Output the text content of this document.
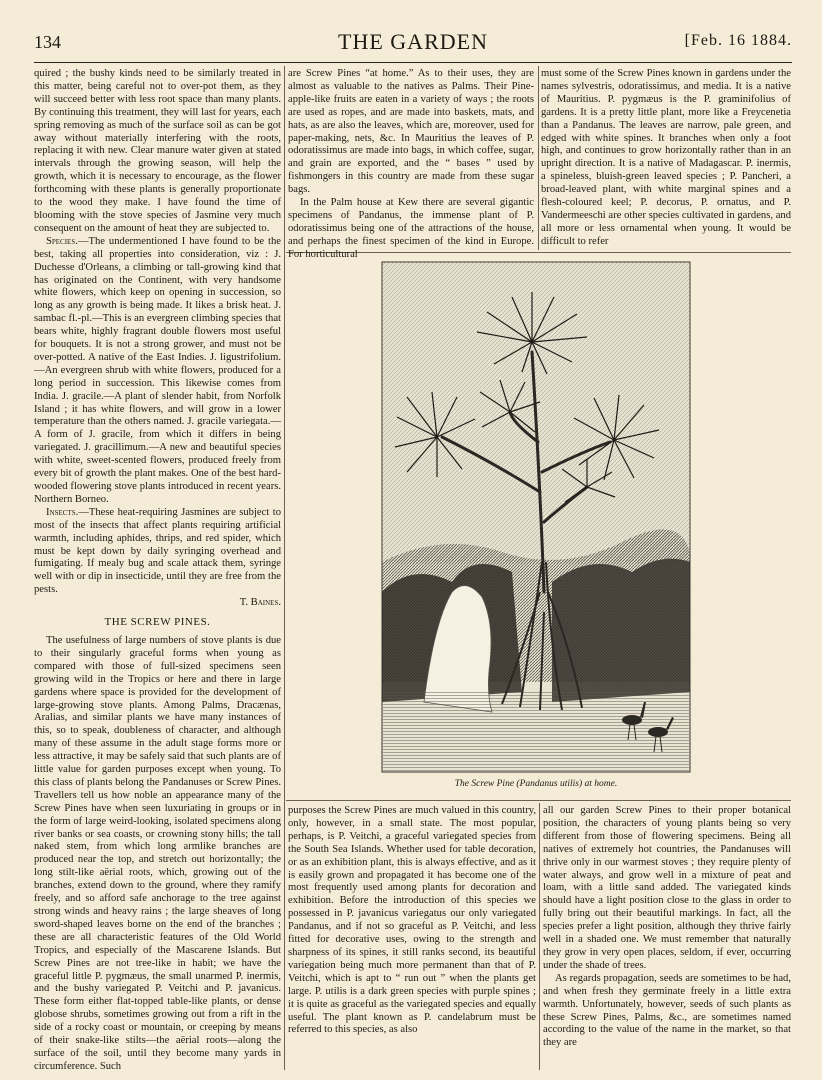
134	THE GARDEN	[Feb. 16 1884.

quired ; the bushy kinds need to be similarly treated in this matter, being careful not to over-pot them, as they will succeed better with less root space than many plants. By continuing this treatment, they will last for years, each spring removing as much of the surface soil as can be got away without materially interfering with the roots, replacing it with new. Clear manure water given at stated intervals through the growing season, will help the growth, which it is necessary to encourage, as the flower forthcoming with these plants is generally proportionate to the wood they make. I have found the time of blooming with the stove species of Jasmine very much consequent on the amount of heat they are subjected to.

Species.—The undermentioned I have found to be the best, taking all properties into consideration, viz : J. Duchesse d'Orleans, a climbing or tall-growing kind that has originated on the Continent, with very handsome white flowers, which keep on opening in succession, so long as any growth is being made. It likes a brisk heat. J. sambac fl.-pl.—This is an evergreen climbing species that bears white, highly fragrant double flowers most useful for bouquets. It is not a strong grower, and must not be over-potted. A native of the East Indies. J. ligustrifolium.—An evergreen shrub with white flowers, produced for a long period in succession. This likewise comes from India. J. gracile.—A plant of slender habit, from Norfolk Island ; it has white flowers, and will grow in a lower temperature than the others named. J. gracile variegata.—A form of J. gracile, from which it differs in being variegated. J. gracillimum.—A new and beautiful species with white, sweet-scented flowers, produced freely from every bit of growth the plant makes. One of the best hard-wooded flowering stove plants introduced in recent years. Northern Borneo.

Insects.—These heat-requiring Jasmines are subject to most of the insects that affect plants requiring artificial warmth, including aphides, thrips, and red spider, which must be kept down by daily syringing overhead and fumigating. If mealy bug and scale attack them, syringe well with or dip in insecticide, until they are free from the pests.

T. Baines.

THE SCREW PINES.

The usefulness of large numbers of stove plants is due to their singularly graceful forms when young as compared with those of full-sized specimens seen growing wild in the Tropics or here and there in large gardens where space is provided for the development of large-growing stove plants. Among Palms, Dracænas, Aralias, and similar plants we have many instances of this, so to speak, doubleness of character, and although many of these assume in the adult stage forms more or less attractive, it may be safely said that such plants are of little value for garden purposes except when young. To this class of plants belong the Pandanuses or Screw Pines. Travellers tell us how noble an appearance many of the Screw Pines have when seen luxuriating in groups or in the form of large weird-looking, isolated specimens along river banks or sea coasts, or crowning stony hills; the tall naked stem, from which long armlike branches are produced near the top, and stretch out horizontally; the long stilt-like aërial roots, which, growing out of the branches, extend down to the ground, where they ramify freely, and so afford safe anchorage to the tree against strong winds and heavy rains ; the large sheaves of long sword-shaped leaves borne on the end of the branches ; these are all characteristic features of the Old World Tropics, and especially of the Mascarene Islands. But Screw Pines are not tree-like in habit; we have the graceful little P. pygmæus, the small unarmed P. inermis, and the bushy variegated P. Veitchi and P. javanicus. These form either flat-topped table-like plants, or dense globose shrubs, sometimes growing out from a rift in the side of a rocky coast or mountain, or creeping by means of their snake-like stilts—the aërial roots—along the surface of the soil, until they become many yards in circumference. Such

are Screw Pines “at home.” As to their uses, they are almost as valuable to the natives as Palms. Their Pine-apple-like fruits are eaten in a variety of ways ; the roots are used as ropes, and are made into baskets, mats, and hats, as are also the leaves, which are, moreover, used for paper-making, nets, &c. In Mauritius the leaves of P. odoratissimus are made into bags, in which coffee, sugar, and grain are exported, and the “ bases ” used by fishmongers in this country are made from these sugar bags.

In the Palm house at Kew there are several gigantic specimens of Pandanus, the immense plant of P. odoratissimus being one of the attractions of the house, and perhaps the finest specimen of the kind in Europe. For horticultural

must some of the Screw Pines known in gardens under the names sylvestris, odoratissimus, and media. It is a native of Mauritius. P. pygmæus is the P. graminifolius of gardens. It is a pretty little plant, more like a Freycenetia than a Pandanus. The leaves are narrow, pale green, and edged with white spines. It branches when only a foot high, and continues to grow horizontally rather than in an upright direction. It is a native of Madagascar. P. inermis, a spineless, bluish-green leaved species ; P. Pancheri, a broad-leaved plant, with white marginal spines and a flesh-coloured keel; P. decorus, P. ornatus, and P. Vandermeeschi are other species cultivated in gardens, and all more or less ornamental when young. It would be difficult to refer

The Screw Pine (Pandanus utilis) at home.

purposes the Screw Pines are much valued in this country, only, however, in a small state. The most popular, perhaps, is P. Veitchi, a graceful variegated species from the South Sea Islands. Whether used for table decoration, or as an exhibition plant, this is always effective, and as it is easily grown and propagated it has become one of the most frequently used among plants for decoration and exhibition. Before the introduction of this species we possessed in P. javanicus variegatus our only variegated Pandanus, and if not so graceful as P. Veitchi, and less fitted for decorative uses, owing to the strength and sharpness of its spines, it still ranks second, its beautiful variegation being much more permanent than that of P. Veitchi, which is apt to “ run out ” when the plants get large. P. utilis is a dark green species with purple spines ; it is quite as graceful as the variegated species and equally useful. The plant known as P. candelabrum must be referred to this species, as also

all our garden Screw Pines to their proper botanical position, the characters of young plants being so very different from those of flowering specimens. Being all natives of extremely hot countries, the Pandanuses will thrive only in our warmest stoves ; they require plenty of water always, and grow well in a mixture of peat and loam, with a little sand added. The variegated kinds should have a light position close to the glass in order to fully bring out their beautiful markings. In fact, all the species prefer a light position, although they thrive fairly well in a shaded one. We must remember that naturally they grow in very open places, seldom, if ever, occurring under the shade of trees.

As regards propagation, seeds are sometimes to be had, and when fresh they germinate freely in a little extra warmth. Unfortunately, however, seeds of such plants as these Screw Pines, Palms, &c., are sometimes named according to the value of the name in the market, so that they are
